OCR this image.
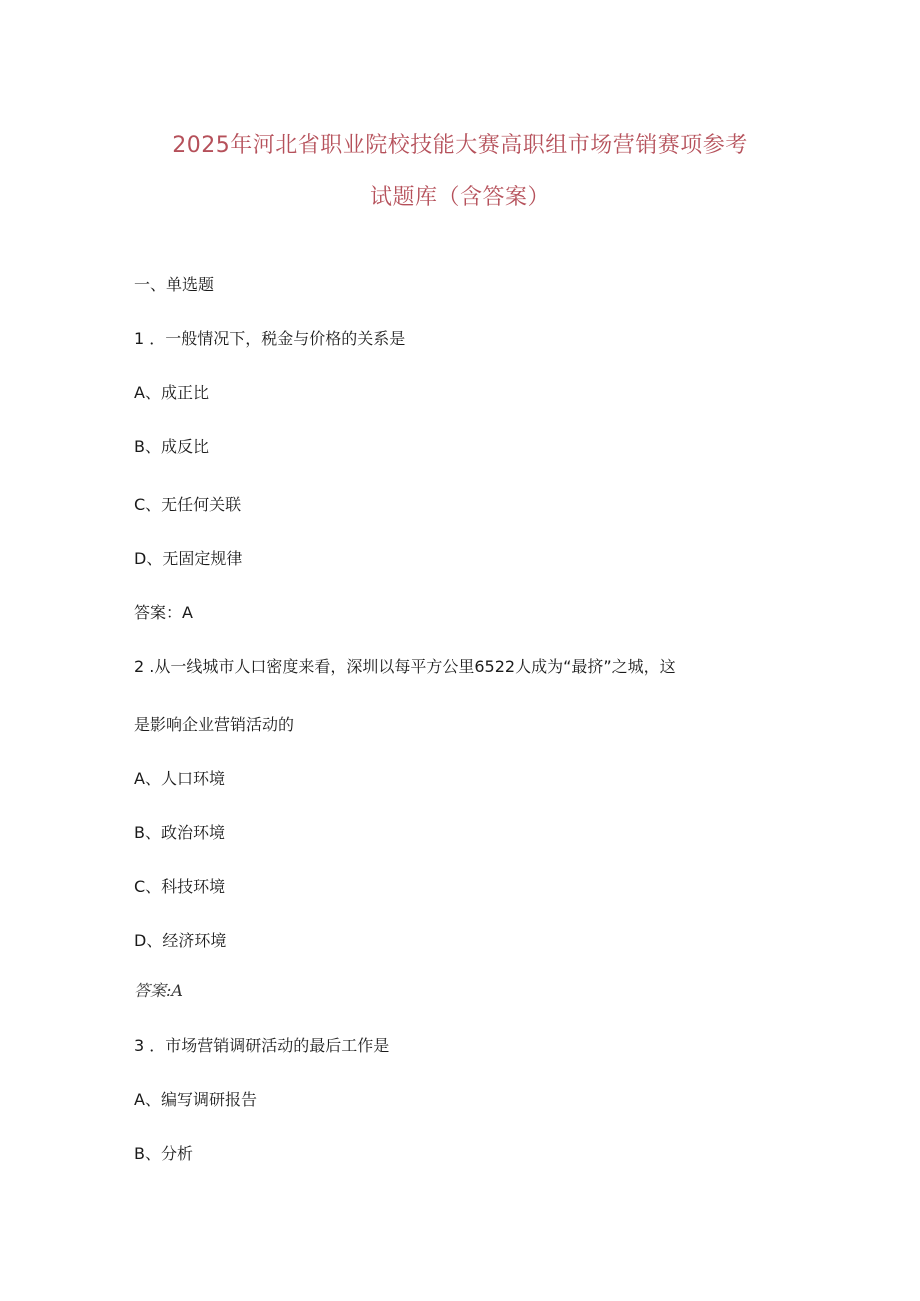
2025年河北省职业院校技能大赛高职组市场营销赛项参考
试题库（含答案）
一、单选题
1 ．一般情况下，税金与价格的关系是
A、成正比
B、成反比
C、无任何关联
D、无固定规律
答案：A
2 .从一线城市人口密度来看，深圳以每平方公里6522人成为“最挤”之城，这
是影响企业营销活动的
A、人口环境
B、政治环境
C、科技环境
D、经济环境
答案:A
3 ．市场营销调研活动的最后工作是
A、编写调研报告
B、分析
